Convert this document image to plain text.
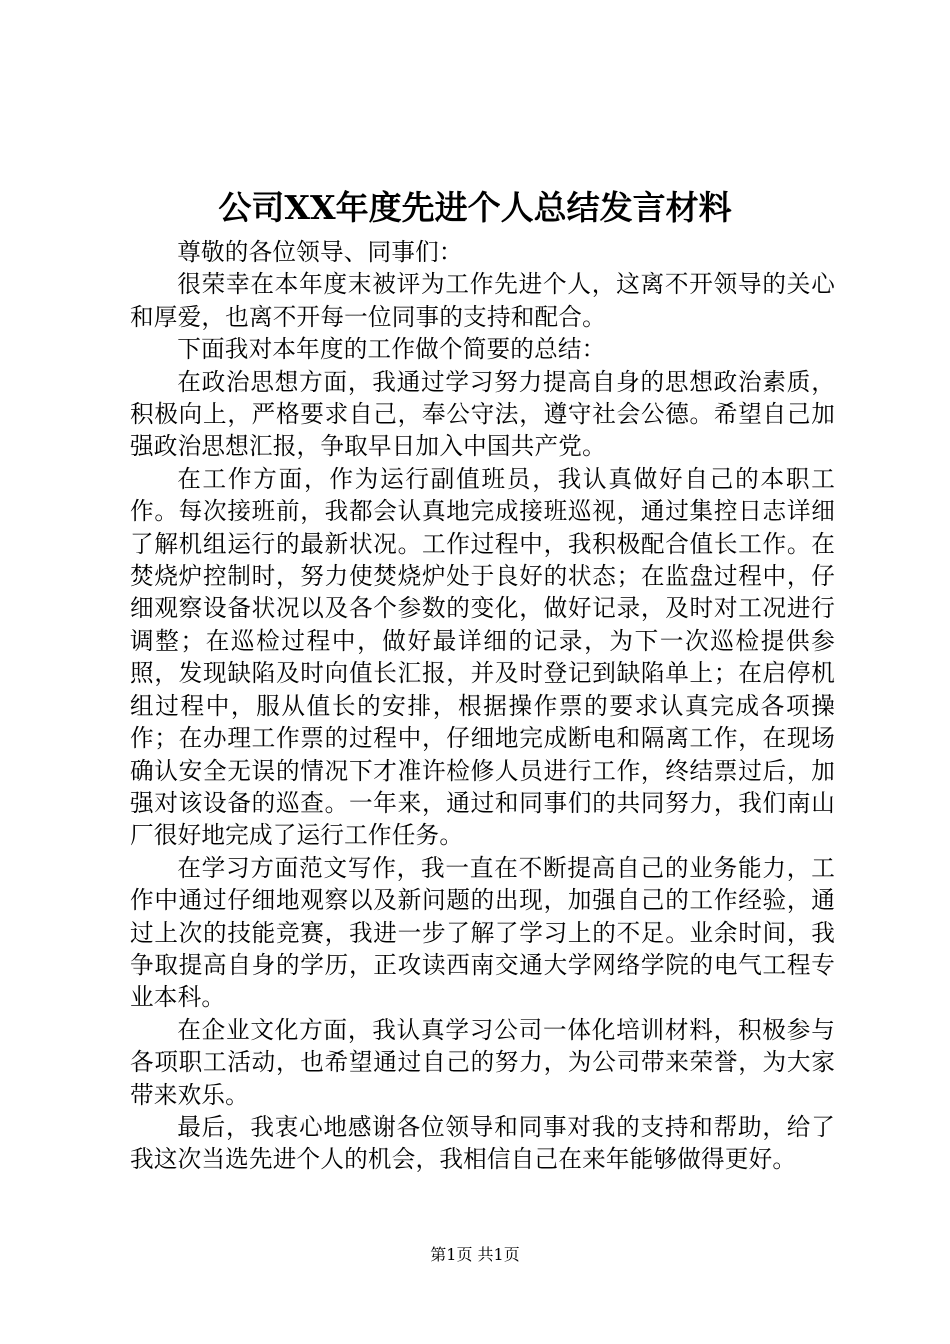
公司XX年度先进个人总结发言材料

尊敬的各位领导、同事们：

很荣幸在本年度末被评为工作先进个人，这离不开领导的关心和厚爱，也离不开每一位同事的支持和配合。

下面我对本年度的工作做个简要的总结：

在政治思想方面，我通过学习努力提高自身的思想政治素质，积极向上，严格要求自己，奉公守法，遵守社会公德。希望自己加强政治思想汇报，争取早日加入中国共产党。

在工作方面，作为运行副值班员，我认真做好自己的本职工作。每次接班前，我都会认真地完成接班巡视，通过集控日志详细了解机组运行的最新状况。工作过程中，我积极配合值长工作。在焚烧炉控制时，努力使焚烧炉处于良好的状态；在监盘过程中，仔细观察设备状况以及各个参数的变化，做好记录，及时对工况进行调整；在巡检过程中，做好最详细的记录，为下一次巡检提供参照，发现缺陷及时向值长汇报，并及时登记到缺陷单上；在启停机组过程中，服从值长的安排，根据操作票的要求认真完成各项操作；在办理工作票的过程中，仔细地完成断电和隔离工作，在现场确认安全无误的情况下才准许检修人员进行工作，终结票过后，加强对该设备的巡查。一年来，通过和同事们的共同努力，我们南山厂很好地完成了运行工作任务。

在学习方面范文写作，我一直在不断提高自己的业务能力，工作中通过仔细地观察以及新问题的出现，加强自己的工作经验，通过上次的技能竞赛，我进一步了解了学习上的不足。业余时间，我争取提高自身的学历，正攻读西南交通大学网络学院的电气工程专业本科。

在企业文化方面，我认真学习公司一体化培训材料，积极参与各项职工活动，也希望通过自己的努力，为公司带来荣誉，为大家带来欢乐。

最后，我衷心地感谢各位领导和同事对我的支持和帮助，给了我这次当选先进个人的机会，我相信自己在来年能够做得更好。

第1页 共1页
